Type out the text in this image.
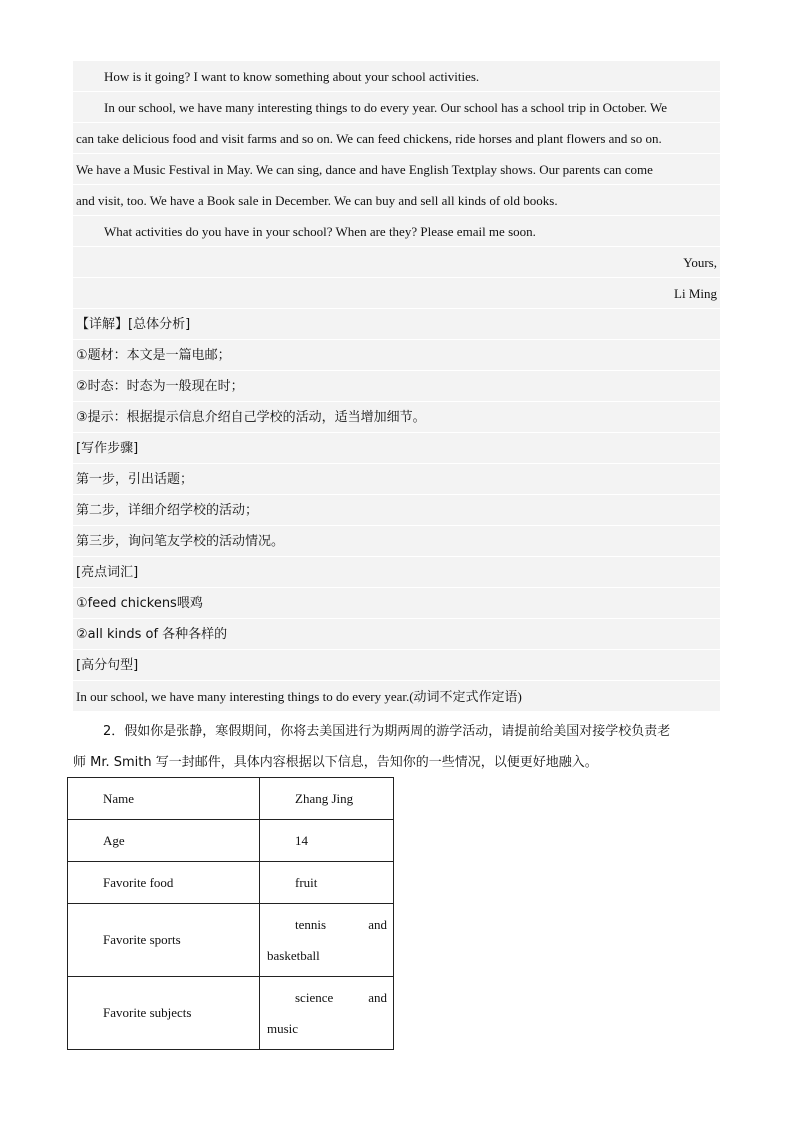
How is it going? I want to know something about your school activities.
In our school, we have many interesting things to do every year. Our school has a school trip in October. We
can take delicious food and visit farms and so on. We can feed chickens, ride horses and plant flowers and so on.
We have a Music Festival in May. We can sing, dance and have English Textplay shows. Our parents can come
and visit, too. We have a Book sale in December. We can buy and sell all kinds of old books.
What activities do you have in your school? When are they? Please email me soon.
Yours,
Li Ming
【详解】[总体分析]
①题材：本文是一篇电邮；
②时态：时态为一般现在时；
③提示：根据提示信息介绍自己学校的活动，适当增加细节。
[写作步骤]
第一步，引出话题；
第二步，详细介绍学校的活动；
第三步，询问笔友学校的活动情况。
[亮点词汇]
①feed chickens喂鸡
②all kinds of 各种各样的
[高分句型]
In our school, we have many interesting things to do every year.(动词不定式作定语)
2．假如你是张静，寒假期间，你将去美国进行为期两周的游学活动，请提前给美国对接学校负责老
师 Mr. Smith 写一封邮件，具体内容根据以下信息，告知你的一些情况，以便更好地融入。
Name	Zhang Jing

Age	14

Favorite food	fruit

Favorite sports	tennis and
basketball

Favorite subjects	science and
music
